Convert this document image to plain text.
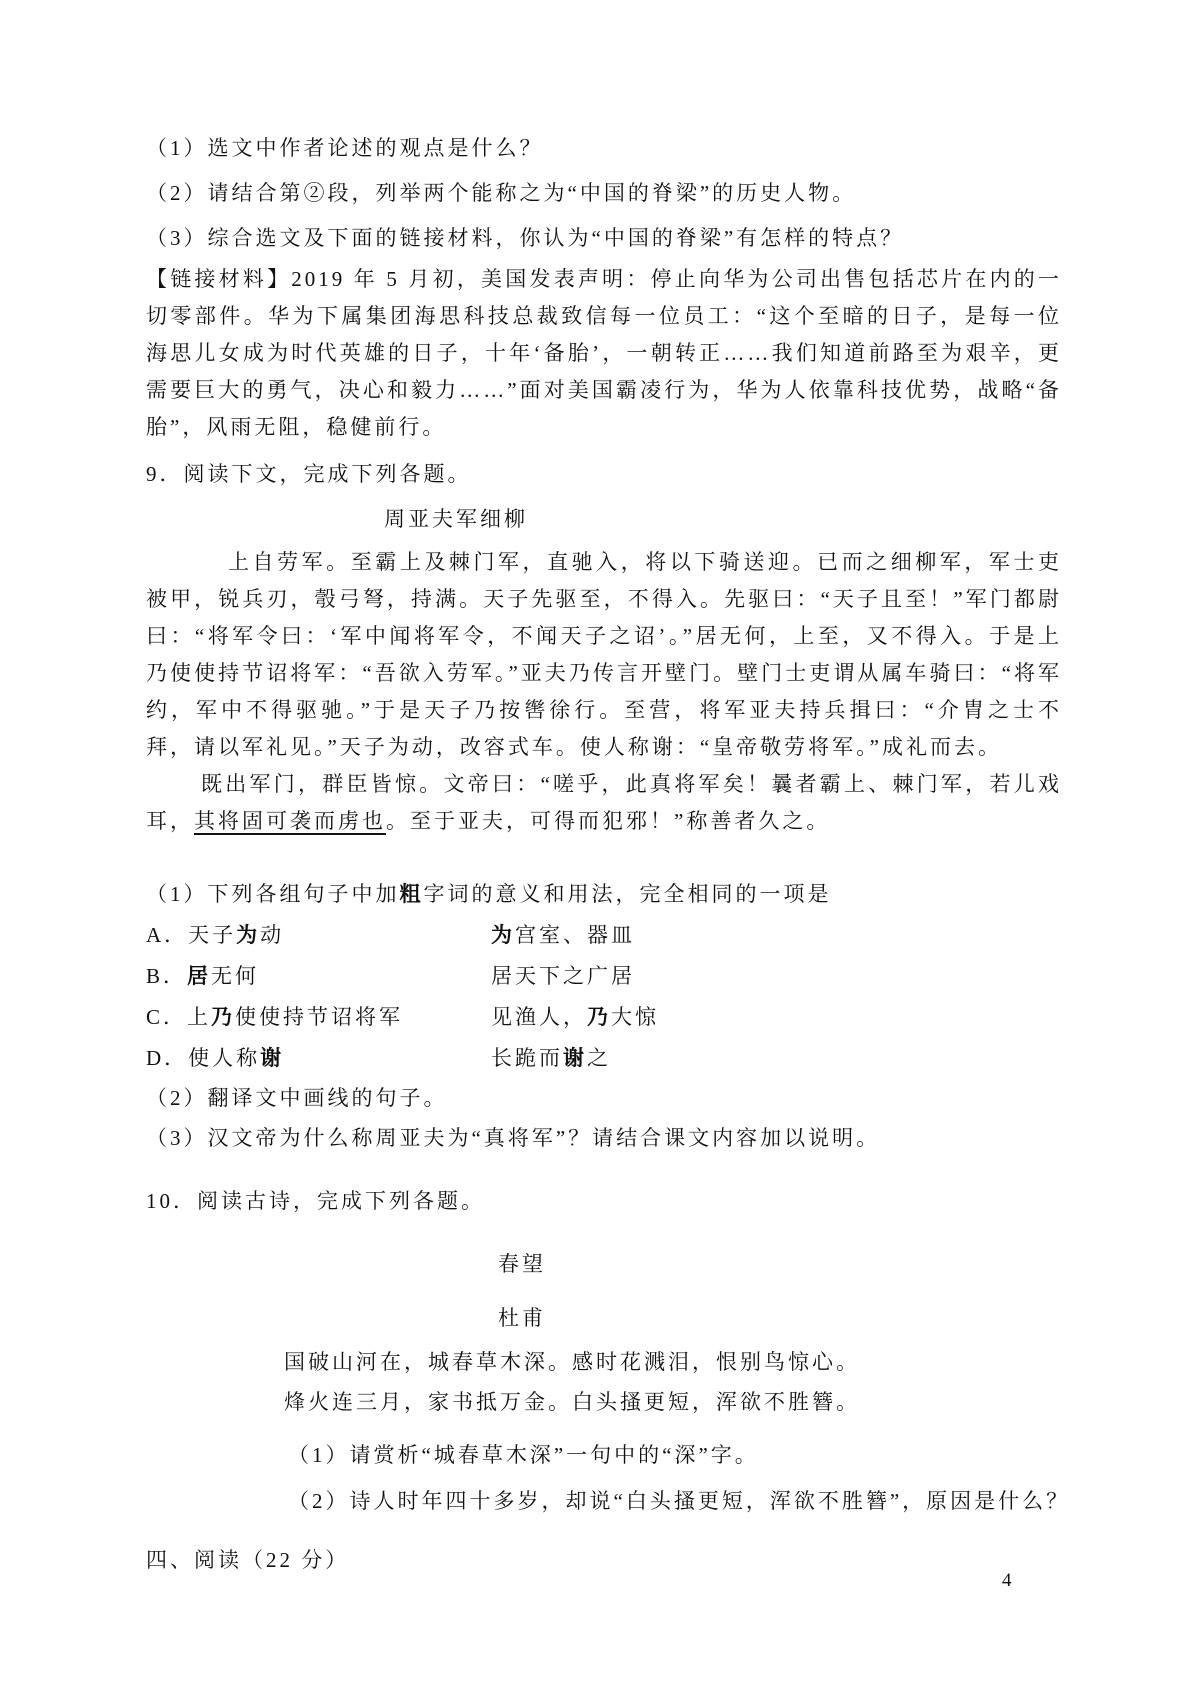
（1）选文中作者论述的观点是什么？

（2）请结合第②段，列举两个能称之为“中国的脊梁”的历史人物。

（3）综合选文及下面的链接材料，你认为“中国的脊梁”有怎样的特点？

【链接材料】2019 年 5 月初，美国发表声明：停止向华为公司出售包括芯片在内的一切零部件。华为下属集团海思科技总裁致信每一位员工：“这个至暗的日子，是每一位海思儿女成为时代英雄的日子，十年‘备胎’，一朝转正……我们知道前路至为艰辛，更需要巨大的勇气，决心和毅力……”面对美国霸凌行为，华为人依靠科技优势，战略“备胎”，风雨无阻，稳健前行。

9．阅读下文，完成下列各题。

周亚夫军细柳

上自劳军。至霸上及棘门军，直驰入，将以下骑送迎。已而之细柳军，军士吏被甲，锐兵刃，彀弓弩，持满。天子先驱至，不得入。先驱曰：“天子且至！”军门都尉曰：“将军令曰：‘军中闻将军令，不闻天子之诏’。”居无何，上至，又不得入。于是上乃使使持节诏将军：“吾欲入劳军。”亚夫乃传言开壁门。壁门士吏谓从属车骑曰：“将军约，军中不得驱驰。”于是天子乃按辔徐行。至营，将军亚夫持兵揖曰：“介胄之士不拜，请以军礼见。”天子为动，改容式车。使人称谢：“皇帝敬劳将军。”成礼而去。

既出军门，群臣皆惊。文帝曰：“嗟乎，此真将军矣！曩者霸上、棘门军，若儿戏耳，其将固可袭而虏也。至于亚夫，可得而犯邪！”称善者久之。

（1）下列各组句子中加粗字词的意义和用法，完全相同的一项是

A．天子为动	为宫室、器皿
B．居无何	居天下之广居
C．上乃使使持节诏将军	见渔人，乃大惊
D．使人称谢	长跪而谢之

（2）翻译文中画线的句子。

（3）汉文帝为什么称周亚夫为“真将军”？请结合课文内容加以说明。

10．阅读古诗，完成下列各题。

春望

杜甫

国破山河在，城春草木深。感时花溅泪，恨别鸟惊心。

烽火连三月，家书抵万金。白头搔更短，浑欲不胜簪。

（1）请赏析“城春草木深”一句中的“深”字。

（2）诗人时年四十多岁，却说“白头搔更短，浑欲不胜簪”，原因是什么？

四、阅读（22 分）

4
